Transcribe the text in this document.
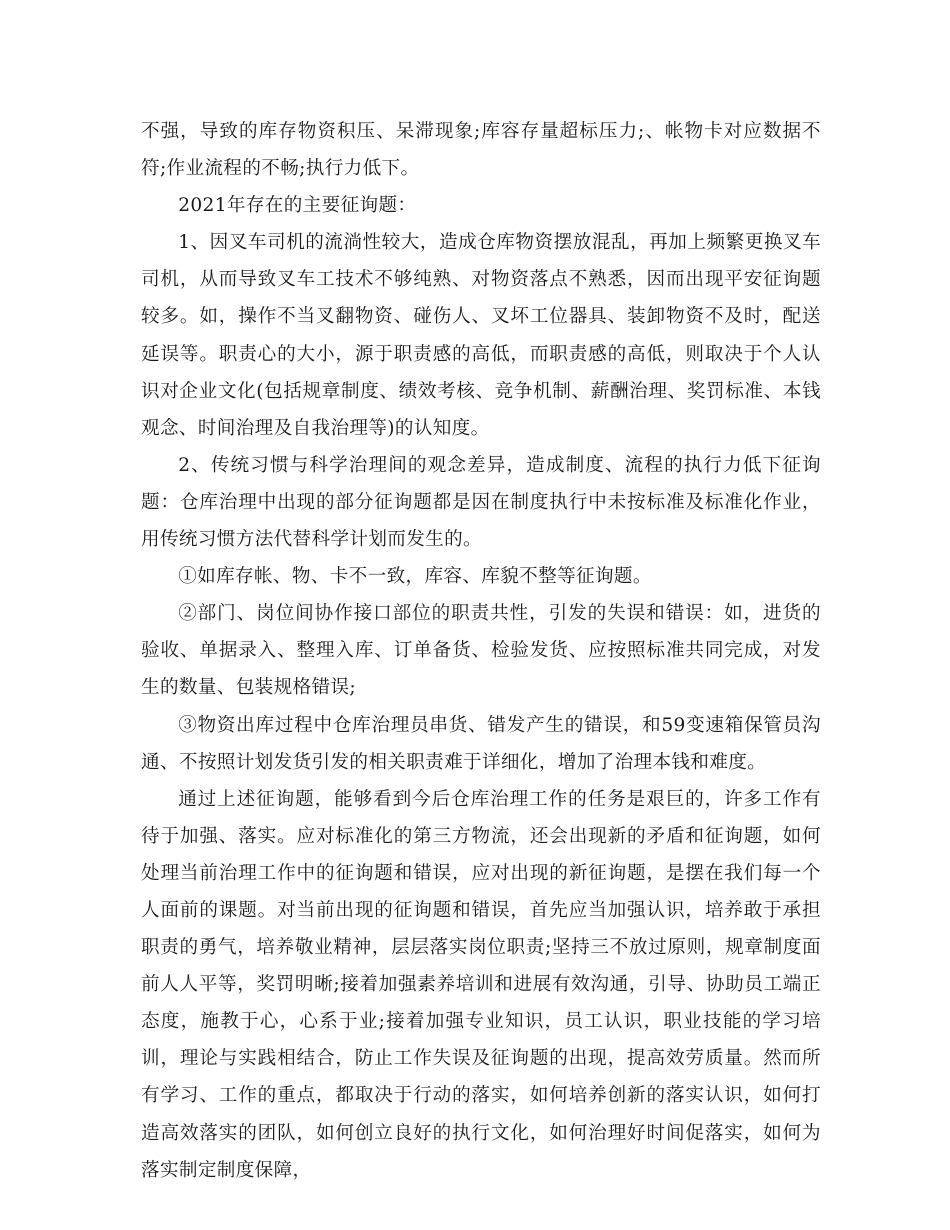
不强，导致的库存物资积压、呆滞现象;库容存量超标压力;、帐物卡对应数据不符;作业流程的不畅;执行力低下。

2021年存在的主要征询题：

1、因叉车司机的流淌性较大，造成仓库物资摆放混乱，再加上频繁更换叉车司机，从而导致叉车工技术不够纯熟、对物资落点不熟悉，因而出现平安征询题较多。如，操作不当叉翻物资、碰伤人、叉坏工位器具、装卸物资不及时，配送延误等。职责心的大小，源于职责感的高低，而职责感的高低，则取决于个人认识对企业文化(包括规章制度、绩效考核、竞争机制、薪酬治理、奖罚标准、本钱观念、时间治理及自我治理等)的认知度。

2、传统习惯与科学治理间的观念差异，造成制度、流程的执行力低下征询题：仓库治理中出现的部分征询题都是因在制度执行中未按标准及标准化作业，用传统习惯方法代替科学计划而发生的。

①如库存帐、物、卡不一致，库容、库貌不整等征询题。

②部门、岗位间协作接口部位的职责共性，引发的失误和错误：如，进货的验收、单据录入、整理入库、订单备货、检验发货、应按照标准共同完成，对发生的数量、包装规格错误;

③物资出库过程中仓库治理员串货、错发产生的错误，和59变速箱保管员沟通、不按照计划发货引发的相关职责难于详细化，增加了治理本钱和难度。

通过上述征询题，能够看到今后仓库治理工作的任务是艰巨的，许多工作有待于加强、落实。应对标准化的第三方物流，还会出现新的矛盾和征询题，如何处理当前治理工作中的征询题和错误，应对出现的新征询题，是摆在我们每一个人面前的课题。对当前出现的征询题和错误，首先应当加强认识，培养敢于承担职责的勇气，培养敬业精神，层层落实岗位职责;坚持三不放过原则，规章制度面前人人平等，奖罚明晰;接着加强素养培训和进展有效沟通，引导、协助员工端正态度，施教于心，心系于业;接着加强专业知识，员工认识，职业技能的学习培训，理论与实践相结合，防止工作失误及征询题的出现，提高效劳质量。然而所有学习、工作的重点，都取决于行动的落实，如何培养创新的落实认识，如何打造高效落实的团队，如何创立良好的执行文化，如何治理好时间促落实，如何为落实制定制度保障，
